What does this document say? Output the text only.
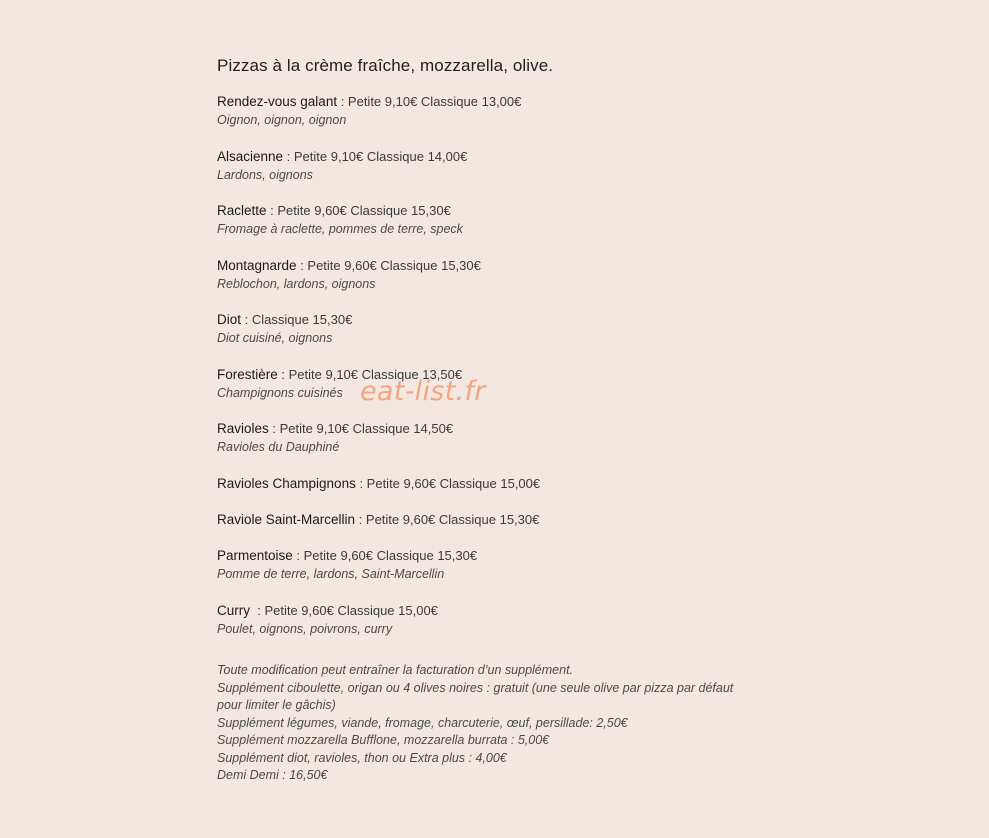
Pizzas à la crème fraîche, mozzarella, olive.
Rendez-vous galant : Petite 9,10€ Classique 13,00€
Oignon, oignon, oignon
Alsacienne : Petite 9,10€ Classique 14,00€
Lardons, oignons
Raclette : Petite 9,60€ Classique 15,30€
Fromage à raclette, pommes de terre, speck
Montagnarde : Petite 9,60€ Classique 15,30€
Reblochon, lardons, oignons
Diot : Classique 15,30€
Diot cuisiné, oignons
Forestière : Petite 9,10€ Classique 13,50€
Champignons cuisinés
Ravioles : Petite 9,10€ Classique 14,50€
Ravioles du Dauphiné
Ravioles Champignons : Petite 9,60€ Classique 15,00€
Raviole Saint-Marcellin : Petite 9,60€ Classique 15,30€
Parmentoise : Petite 9,60€ Classique 15,30€
Pomme de terre, lardons, Saint-Marcellin
Curry  : Petite 9,60€ Classique 15,00€
Poulet, oignons, poivrons, curry
Toute modification peut entraîner la facturation d’un supplément.
Supplément ciboulette, origan ou 4 olives noires : gratuit (une seule olive par pizza par défaut
pour limiter le gâchis)
Supplément légumes, viande, fromage, charcuterie, œuf, persillade: 2,50€
Supplément mozzarella Bufflone, mozzarella burrata : 5,00€
Supplément diot, ravioles, thon ou Extra plus : 4,00€
Demi Demi : 16,50€
eat-list.fr
